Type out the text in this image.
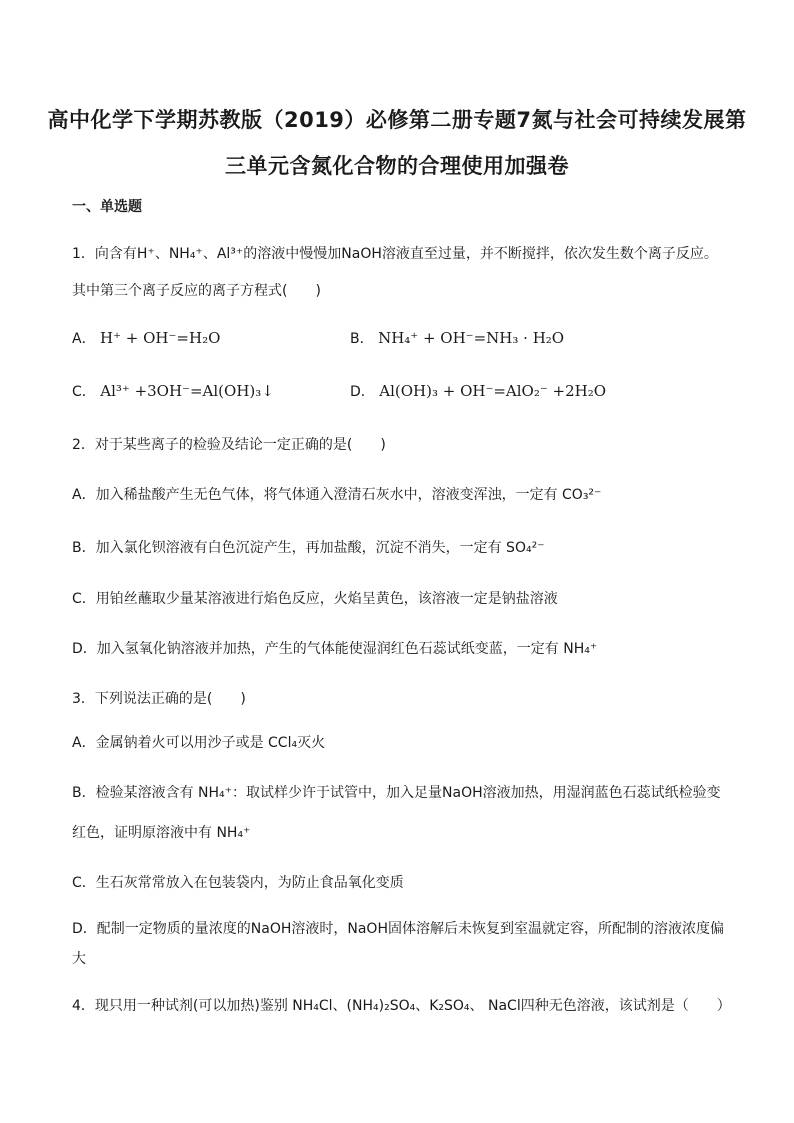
高中化学下学期苏教版（2019）必修第二册专题7氮与社会可持续发展第
三单元含氮化合物的合理使用加强卷
一、单选题
1．向含有H⁺、NH₄⁺、Al³⁺的溶液中慢慢加NaOH溶液直至过量，并不断搅拌，依次发生数个离子反应。
其中第三个离子反应的离子方程式(　　)
A． H⁺ + OH⁻=H₂O	B． NH₄⁺ + OH⁻=NH₃ · H₂O
C． Al³⁺ +3OH⁻=Al(OH)₃↓	D． Al(OH)₃ + OH⁻=AlO₂⁻ +2H₂O
2．对于某些离子的检验及结论一定正确的是(　　)
A．加入稀盐酸产生无色气体，将气体通入澄清石灰水中，溶液变浑浊，一定有 CO₃²⁻
B．加入氯化钡溶液有白色沉淀产生，再加盐酸，沉淀不消失，一定有 SO₄²⁻
C．用铂丝蘸取少量某溶液进行焰色反应，火焰呈黄色，该溶液一定是钠盐溶液
D．加入氢氧化钠溶液并加热，产生的气体能使湿润红色石蕊试纸变蓝，一定有 NH₄⁺
3．下列说法正确的是(　　)
A．金属钠着火可以用沙子或是 CCl₄灭火
B．检验某溶液含有 NH₄⁺：取试样少许于试管中，加入足量NaOH溶液加热，用湿润蓝色石蕊试纸检验变
红色，证明原溶液中有 NH₄⁺
C．生石灰常常放入在包装袋内，为防止食品氧化变质
D．配制一定物质的量浓度的NaOH溶液时，NaOH固体溶解后未恢复到室温就定容，所配制的溶液浓度偏
大
4．现只用一种试剂(可以加热)鉴别 NH₄Cl、(NH₄)₂SO₄、K₂SO₄、 NaCl四种无色溶液，该试剂是（　　）
